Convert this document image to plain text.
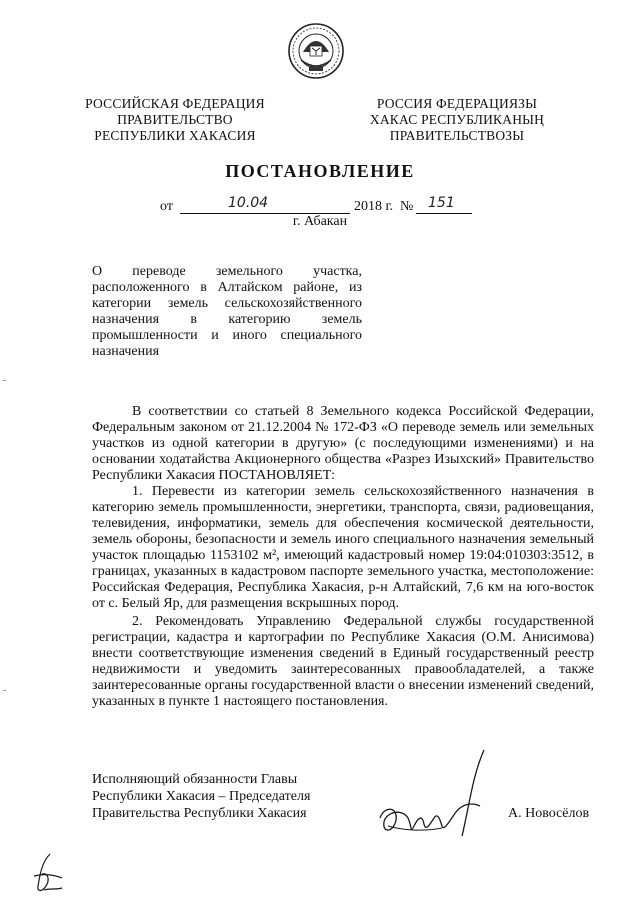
РОССИЙСКАЯ ФЕДЕРАЦИЯ
ПРАВИТЕЛЬСТВО
РЕСПУБЛИКИ ХАКАСИЯ
РОССИЯ ФЕДЕРАЦИЯЗЫ
ХАКАС РЕСПУБЛИКАНЫҢ
ПРАВИТЕЛЬСТВОЗЫ
ПОСТАНОВЛЕНИЕ
от	10.04	2018 г. № 151
г. Абакан
О переводе земельного участка, расположенного в Алтайском районе, из категории земель сельскохозяйственного назначения в категорию земель промышленности и иного специального назначения

В соответствии со статьей 8 Земельного кодекса Российской Федерации, Федеральным законом от 21.12.2004 № 172-ФЗ «О переводе земель или земельных участков из одной категории в другую» (с последующими изменениями) и на основании ходатайства Акционерного общества «Разрез Изыхский» Правительство Республики Хакасия ПОСТАНОВЛЯЕТ:

1. Перевести из категории земель сельскохозяйственного назначения в категорию земель промышленности, энергетики, транспорта, связи, радиовещания, телевидения, информатики, земель для обеспечения космической деятельности, земель обороны, безопасности и земель иного специального назначения земельный участок площадью 1153102 м², имеющий кадастровый номер 19:04:010303:3512, в границах, указанных в кадастровом паспорте земельного участка, местоположение: Российская Федерация, Республика Хакасия, р-н Алтайский, 7,6 км на юго-восток от с. Белый Яр, для размещения вскрышных пород.

2. Рекомендовать Управлению Федеральной службы государственной регистрации, кадастра и картографии по Республике Хакасия (О.М. Анисимова) внести соответствующие изменения сведений в Единый государственный реестр недвижимости и уведомить заинтересованных правообладателей, а также заинтересованные органы государственной власти о внесении изменений сведений, указанных в пункте 1 настоящего постановления.

Исполняющий обязанности Главы
Республики Хакасия – Председателя
Правительства Республики Хакасия	А. Новосёлов
